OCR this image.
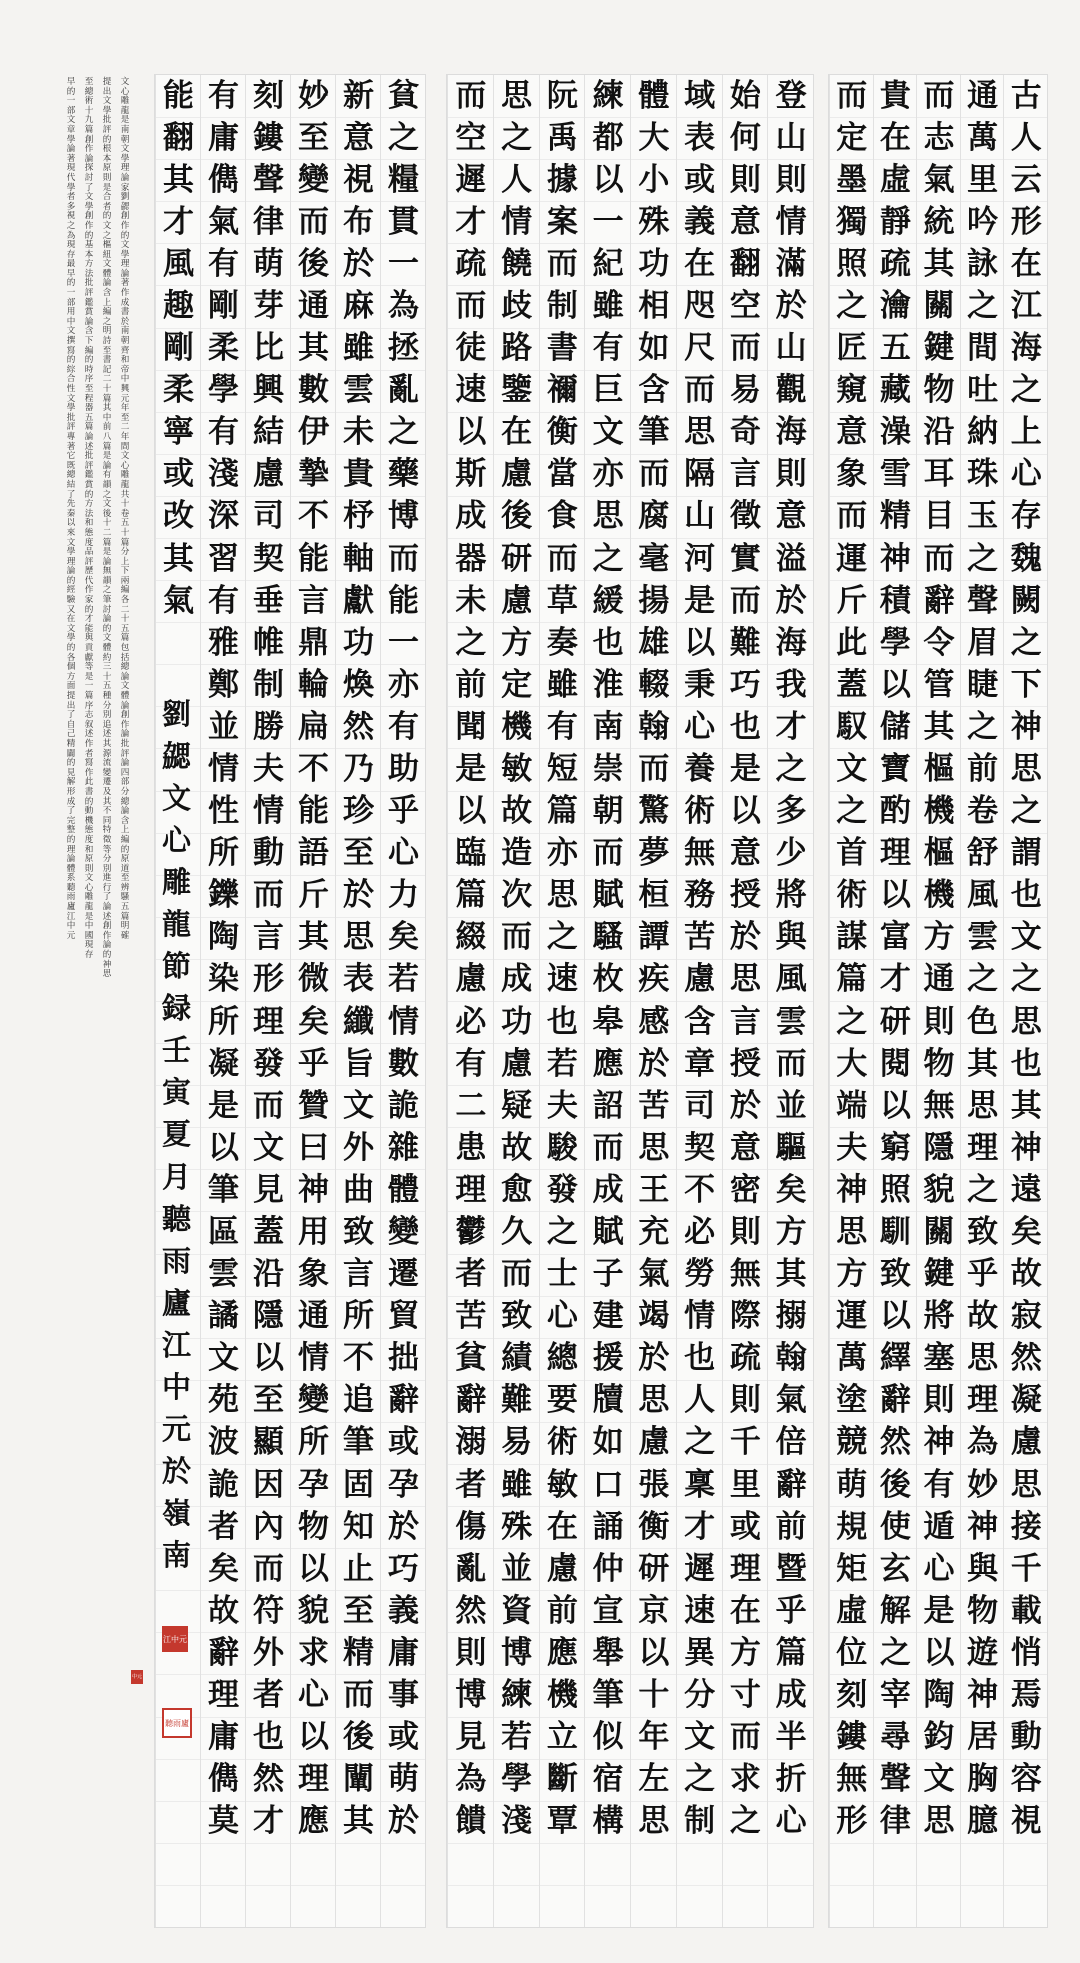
古
人
云
形
在
江
海
之
上
心
存
魏
闕
之
下
神
思
之
謂
也
文
之
思
也
其
神
遠
矣
故
寂
然
凝
慮
思
接
千
載
悄
焉
動
容
視
通
萬
里
吟
詠
之
間
吐
納
珠
玉
之
聲
眉
睫
之
前
卷
舒
風
雲
之
色
其
思
理
之
致
乎
故
思
理
為
妙
神
與
物
遊
神
居
胸
臆
而
志
氣
統
其
關
鍵
物
沿
耳
目
而
辭
令
管
其
樞
機
樞
機
方
通
則
物
無
隱
貌
關
鍵
將
塞
則
神
有
遁
心
是
以
陶
鈞
文
思
貴
在
虛
靜
疏
瀹
五
藏
澡
雪
精
神
積
學
以
儲
寶
酌
理
以
富
才
研
閱
以
窮
照
馴
致
以
繹
辭
然
後
使
玄
解
之
宰
尋
聲
律
而
定
墨
獨
照
之
匠
窺
意
象
而
運
斤
此
蓋
馭
文
之
首
術
謀
篇
之
大
端
夫
神
思
方
運
萬
塗
競
萌
規
矩
虛
位
刻
鏤
無
形
登
山
則
情
滿
於
山
觀
海
則
意
溢
於
海
我
才
之
多
少
將
與
風
雲
而
並
驅
矣
方
其
搦
翰
氣
倍
辭
前
暨
乎
篇
成
半
折
心
始
何
則
意
翻
空
而
易
奇
言
徵
實
而
難
巧
也
是
以
意
授
於
思
言
授
於
意
密
則
無
際
疏
則
千
里
或
理
在
方
寸
而
求
之
域
表
或
義
在
咫
尺
而
思
隔
山
河
是
以
秉
心
養
術
無
務
苦
慮
含
章
司
契
不
必
勞
情
也
人
之
稟
才
遲
速
異
分
文
之
制
體
大
小
殊
功
相
如
含
筆
而
腐
毫
揚
雄
輟
翰
而
驚
夢
桓
譚
疾
感
於
苦
思
王
充
氣
竭
於
思
慮
張
衡
研
京
以
十
年
左
思
練
都
以
一
紀
雖
有
巨
文
亦
思
之
緩
也
淮
南
崇
朝
而
賦
騷
枚
皋
應
詔
而
成
賦
子
建
援
牘
如
口
誦
仲
宣
舉
筆
似
宿
構
阮
禹
據
案
而
制
書
禰
衡
當
食
而
草
奏
雖
有
短
篇
亦
思
之
速
也
若
夫
駿
發
之
士
心
總
要
術
敏
在
慮
前
應
機
立
斷
覃
思
之
人
情
饒
歧
路
鑒
在
慮
後
研
慮
方
定
機
敏
故
造
次
而
成
功
慮
疑
故
愈
久
而
致
績
難
易
雖
殊
並
資
博
練
若
學
淺
而
空
遲
才
疏
而
徒
速
以
斯
成
器
未
之
前
聞
是
以
臨
篇
綴
慮
必
有
二
患
理
鬱
者
苦
貧
辭
溺
者
傷
亂
然
則
博
見
為
饋
貧
之
糧
貫
一
為
拯
亂
之
藥
博
而
能
一
亦
有
助
乎
心
力
矣
若
情
數
詭
雜
體
變
遷
貿
拙
辭
或
孕
於
巧
義
庸
事
或
萌
於
新
意
視
布
於
麻
雖
雲
未
貴
杼
軸
獻
功
煥
然
乃
珍
至
於
思
表
纖
旨
文
外
曲
致
言
所
不
追
筆
固
知
止
至
精
而
後
闡
其
妙
至
變
而
後
通
其
數
伊
摯
不
能
言
鼎
輪
扁
不
能
語
斤
其
微
矣
乎
贊
曰
神
用
象
通
情
變
所
孕
物
以
貌
求
心
以
理
應
刻
鏤
聲
律
萌
芽
比
興
結
慮
司
契
垂
帷
制
勝
夫
情
動
而
言
形
理
發
而
文
見
蓋
沿
隱
以
至
顯
因
內
而
符
外
者
也
然
才
有
庸
儁
氣
有
剛
柔
學
有
淺
深
習
有
雅
鄭
並
情
性
所
鑠
陶
染
所
凝
是
以
筆
區
雲
譎
文
苑
波
詭
者
矣
故
辭
理
庸
儁
莫
能
翻
其
才
風
趣
剛
柔
寧
或
改
其
氣
劉
勰
文
心
雕
龍
節
録
壬
寅
夏
月
聽
雨
廬
江
中
元
於
嶺
南
江中元
聽雨廬
文心雕龍是南朝文學理論家劉勰創作的文學理論著作成書於南朝齊和帝中興元年至二年間文心雕龍共十卷五十篇分上下兩編各二十五篇包括總論文體論創作論批評論四部分總論含上編的原道至辨騷五篇明確
提出文學批評的根本原則是合者的文之樞紐文體論含上編之明詩至書記二十篇其中前八篇是論有韻之文後十二篇是論無韻之筆討論的文體約三十五種分別追述其源流變遷及其不同特徵等分別進行了論述創作論的神思
至總術十九篇創作論探討了文學創作的基本方法批評鑑賞論含下編的時序至程器五篇論述批評鑑賞的方法和態度品評歷代作家的才能與貢獻等是一篇序志叙述作者寫作此書的動機態度和原則文心雕龍是中國現存
早的一部文章學論著現代學者多視之為現存最早的一部用中文撰寫的綜合性文學批評專著它既總結了先秦以來文學理論的經驗又在文學的各個方面提出了自己精闢的見解形成了完整的理論體系聽雨廬江中元
中元
